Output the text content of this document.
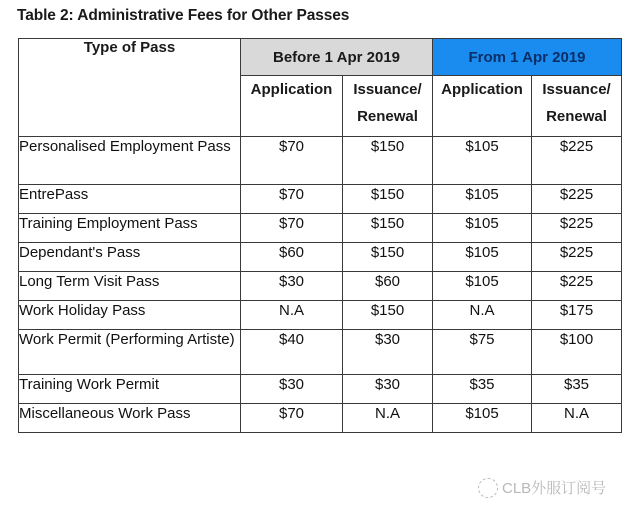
Table 2: Administrative Fees for Other Passes
Type of Pass	Before 1 Apr 2019		From 1 Apr 2019	
	Application	Issuance/ Renewal	Application	Issuance/ Renewal
Personalised Employment Pass	$70	$150	$105	$225
EntrePass	$70	$150	$105	$225
Training Employment Pass	$70	$150	$105	$225
Dependant's Pass	$60	$150	$105	$225
Long Term Visit Pass	$30	$60	$105	$225
Work Holiday Pass	N.A	$150	N.A	$175
Work Permit (Performing Artiste)	$40	$30	$75	$100
Training Work Permit	$30	$30	$35	$35
Miscellaneous Work Pass	$70	N.A	$105	N.A
CLB外服订阅号
